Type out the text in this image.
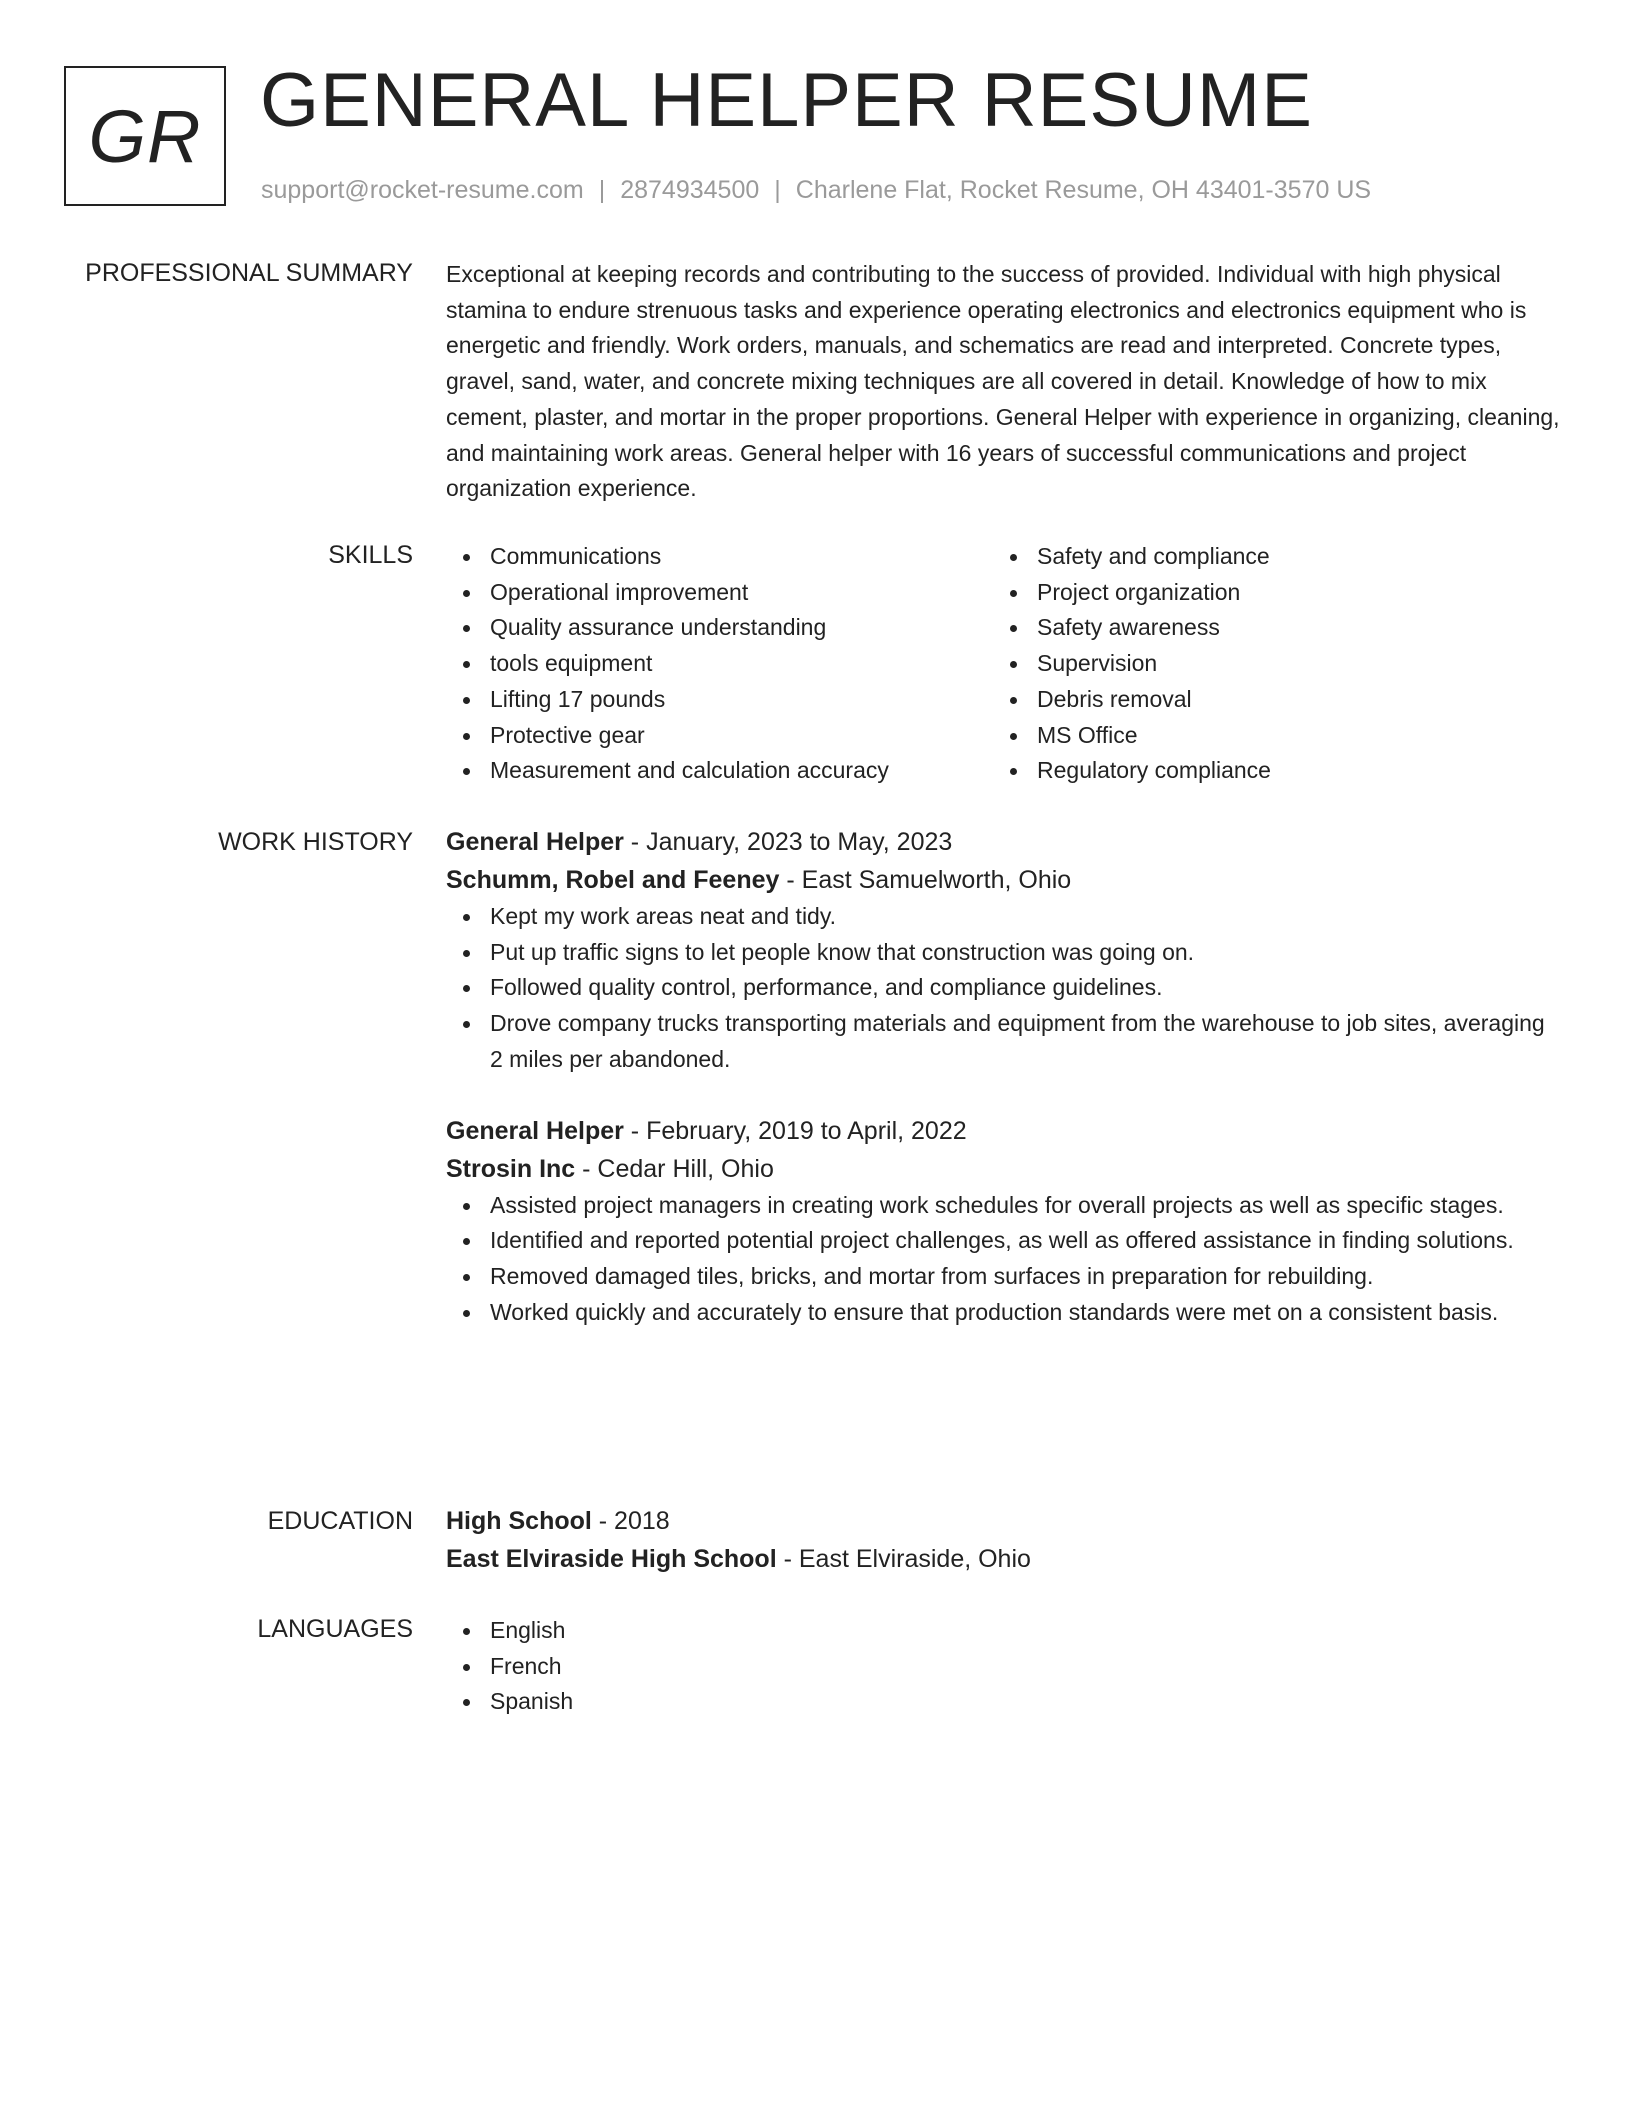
GR GENERAL HELPER RESUME
support@rocket-resume.com | 2874934500 | Charlene Flat, Rocket Resume, OH 43401-3570 US
PROFESSIONAL SUMMARY Exceptional at keeping records and contributing to the success of provided. Individual with high physical stamina to endure strenuous tasks and experience operating electronics and electronics equipment who is energetic and friendly. Work orders, manuals, and schematics are read and interpreted. Concrete types, gravel, sand, water, and concrete mixing techniques are all covered in detail. Knowledge of how to mix cement, plaster, and mortar in the proper proportions. General Helper with experience in organizing, cleaning, and maintaining work areas. General helper with 16 years of successful communications and project organization experience.

SKILLS	Communications
Operational improvement
Quality assurance understanding
tools equipment
Lifting 17 pounds
Protective gear
Measurement and calculation accuracy
Safety and compliance
Project organization
Safety awareness
Supervision
Debris removal
MS Office
Regulatory compliance
WORK HISTORY General Helper - January, 2023 to May, 2023
Schumm, Robel and Feeney - East Samuelworth, Ohio
Kept my work areas neat and tidy.
Put up traffic signs to let people know that construction was going on.
Followed quality control, performance, and compliance guidelines.
Drove company trucks transporting materials and equipment from the warehouse to job sites, averaging 2 miles per abandoned.
General Helper - February, 2019 to April, 2022
Strosin Inc - Cedar Hill, Ohio
Assisted project managers in creating work schedules for overall projects as well as specific stages.
Identified and reported potential project challenges, as well as offered assistance in finding solutions.
Removed damaged tiles, bricks, and mortar from surfaces in preparation for rebuilding.
Worked quickly and accurately to ensure that production standards were met on a consistent basis.
EDUCATION High School - 2018
East Elviraside High School - East Elviraside, Ohio
LANGUAGES	English
French
Spanish
